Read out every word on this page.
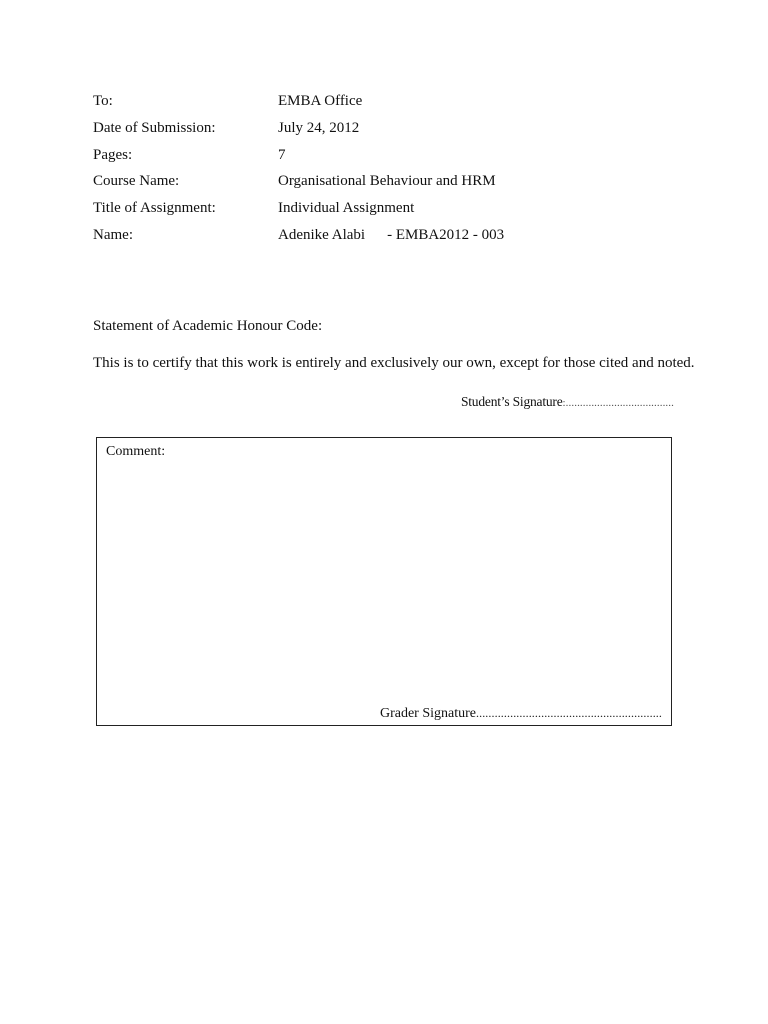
To:	EMBA Office
Date of Submission:	July 24, 2012
Pages:	7
Course Name:	Organisational Behaviour and HRM
Title of Assignment:	Individual Assignment
Name:	Adenike Alabi - EMBA2012 - 003
Statement of Academic Honour Code:
This is to certify that this work is entirely and exclusively our own, except for those cited and noted.
Student’s Signature:......................................
Comment:
Grader Signature............................................................
